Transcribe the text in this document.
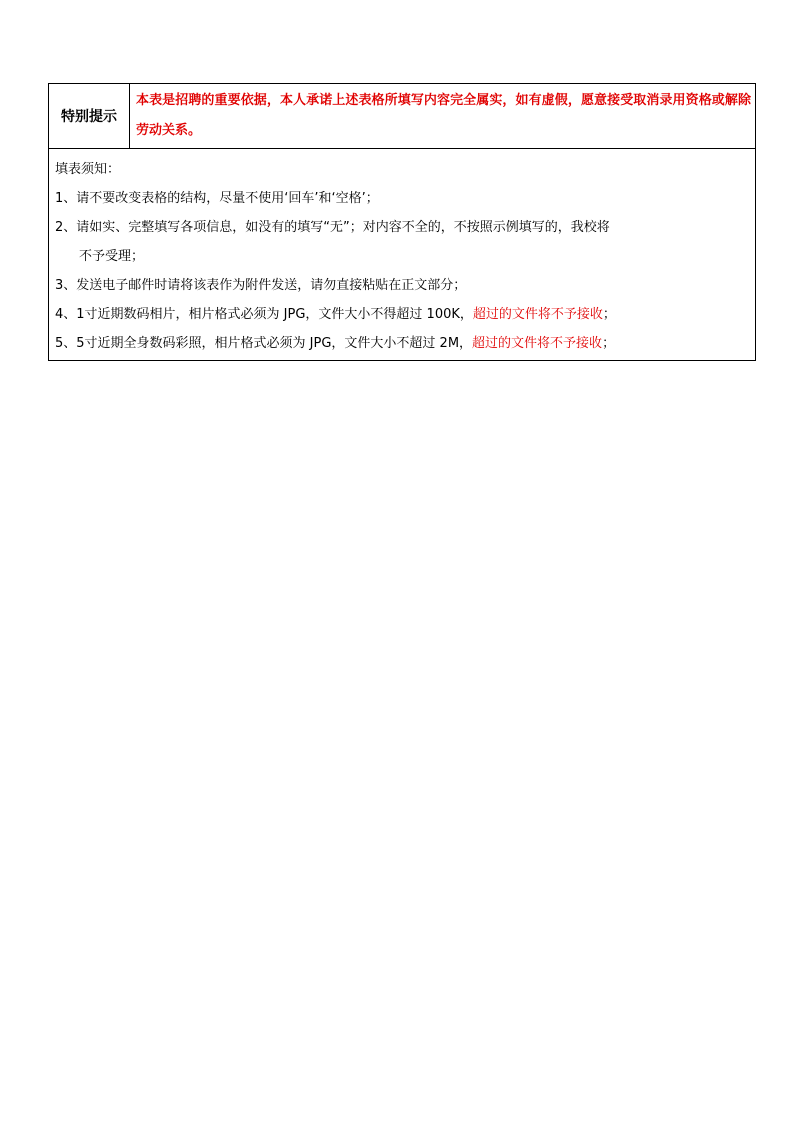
特别提示	本表是招聘的重要依据，本人承诺上述表格所填写内容完全属实，如有虚假，愿意接受取消录用资格或解除劳动关系。

填表须知：
1、请不要改变表格的结构，尽量不使用‘回车’和‘空格’；
2、请如实、完整填写各项信息，如没有的填写“无”；对内容不全的，不按照示例填写的，我校将
不予受理；
3、发送电子邮件时请将该表作为附件发送，请勿直接粘贴在正文部分；
4、1寸近期数码相片，相片格式必须为 JPG，文件大小不得超过 100K，超过的文件将不予接收；
5、5寸近期全身数码彩照，相片格式必须为 JPG，文件大小不超过 2M，超过的文件将不予接收；
